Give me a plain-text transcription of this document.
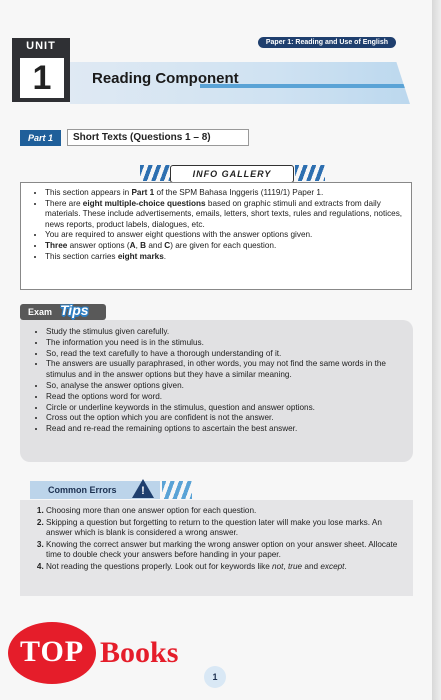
Paper 1: Reading and Use of English
UNIT
1	Reading Component
Part 1	Short Texts (Questions 1 – 8)
INFO GALLERY
• This section appears in Part 1 of the SPM Bahasa Inggeris (1119/1) Paper 1.
• There are eight multiple-choice questions based on graphic stimuli and extracts from daily materials. These include advertisements, emails, letters, short texts, rules and regulations, notices, news reports, product labels, dialogues, etc.
• You are required to answer eight questions with the answer options given.
• Three answer options (A, B and C) are given for each question.
• This section carries eight marks.
• Study the stimulus given carefully.
• The information you need is in the stimulus.
• So, read the text carefully to have a thorough understanding of it.
• The answers are usually paraphrased, in other words, you may not find the same words in the stimulus and in the answer options but they have a similar meaning.
• So, analyse the answer options given.
• Read the options word for word.
• Circle or underline keywords in the stimulus, question and answer options.
• Cross out the option which you are confident is not the answer.
• Read and re-read the remaining options to ascertain the best answer.
Exam Tips
Common Errors !
1. Choosing more than one answer option for each question.
2. Skipping a question but forgetting to return to the question later will make you lose marks. An answer which is blank is considered a wrong answer.
3. Knowing the correct answer but marking the wrong answer option on your answer sheet. Allocate time to double check your answers before handing in your paper.
4. Not reading the questions properly. Look out for keywords like not, true and except.
TOP Books
1
